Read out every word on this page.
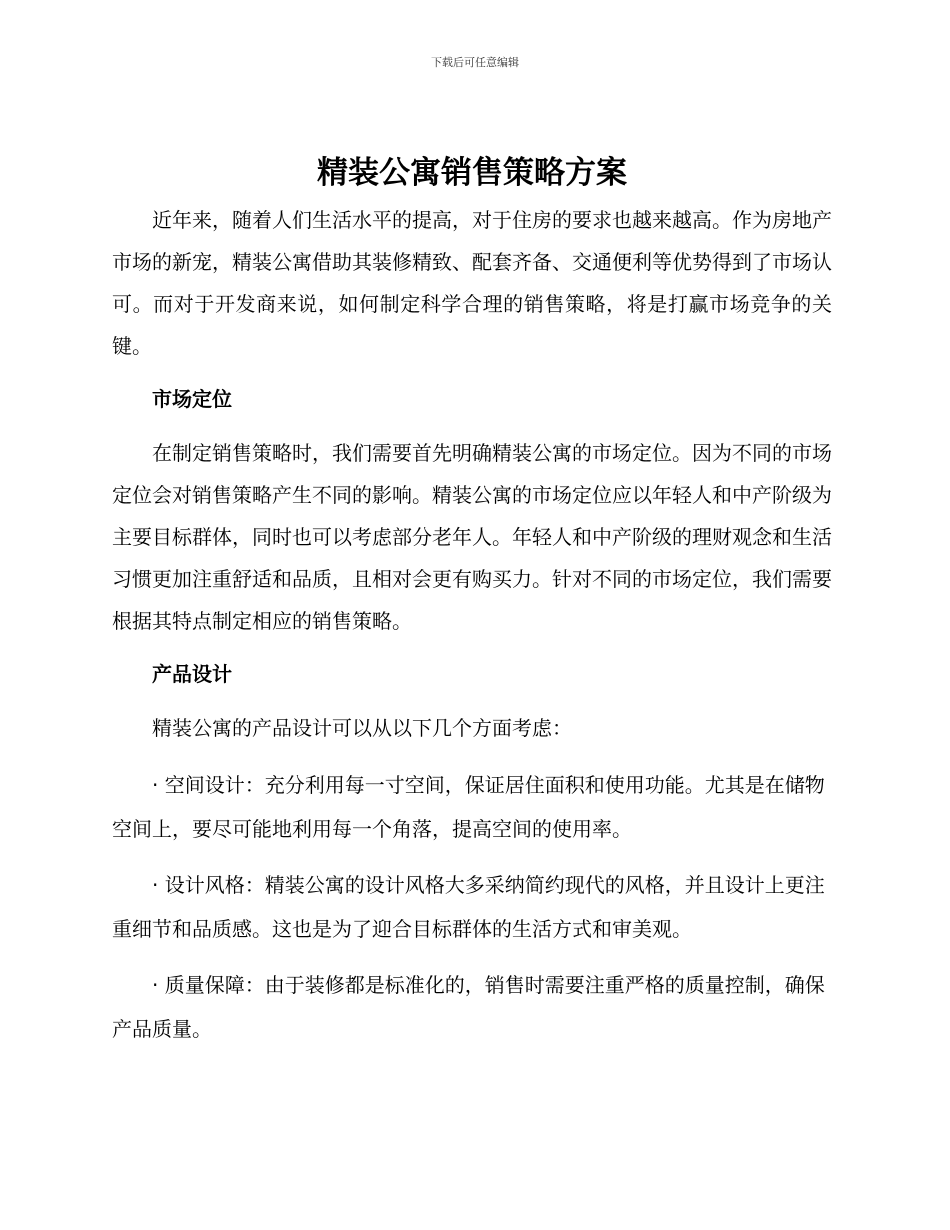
下载后可任意编辑
精装公寓销售策略方案

近年来，随着人们生活水平的提高，对于住房的要求也越来越高。作为房地产市场的新宠，精装公寓借助其装修精致、配套齐备、交通便利等优势得到了市场认可。而对于开发商来说，如何制定科学合理的销售策略，将是打赢市场竞争的关键。

市场定位

在制定销售策略时，我们需要首先明确精装公寓的市场定位。因为不同的市场定位会对销售策略产生不同的影响。精装公寓的市场定位应以年轻人和中产阶级为主要目标群体，同时也可以考虑部分老年人。年轻人和中产阶级的理财观念和生活习惯更加注重舒适和品质，且相对会更有购买力。针对不同的市场定位，我们需要根据其特点制定相应的销售策略。

产品设计

精装公寓的产品设计可以从以下几个方面考虑：

· 空间设计：充分利用每一寸空间，保证居住面积和使用功能。尤其是在储物空间上，要尽可能地利用每一个角落，提高空间的使用率。

· 设计风格：精装公寓的设计风格大多采纳简约现代的风格，并且设计上更注重细节和品质感。这也是为了迎合目标群体的生活方式和审美观。

· 质量保障：由于装修都是标准化的，销售时需要注重严格的质量控制，确保产品质量。
